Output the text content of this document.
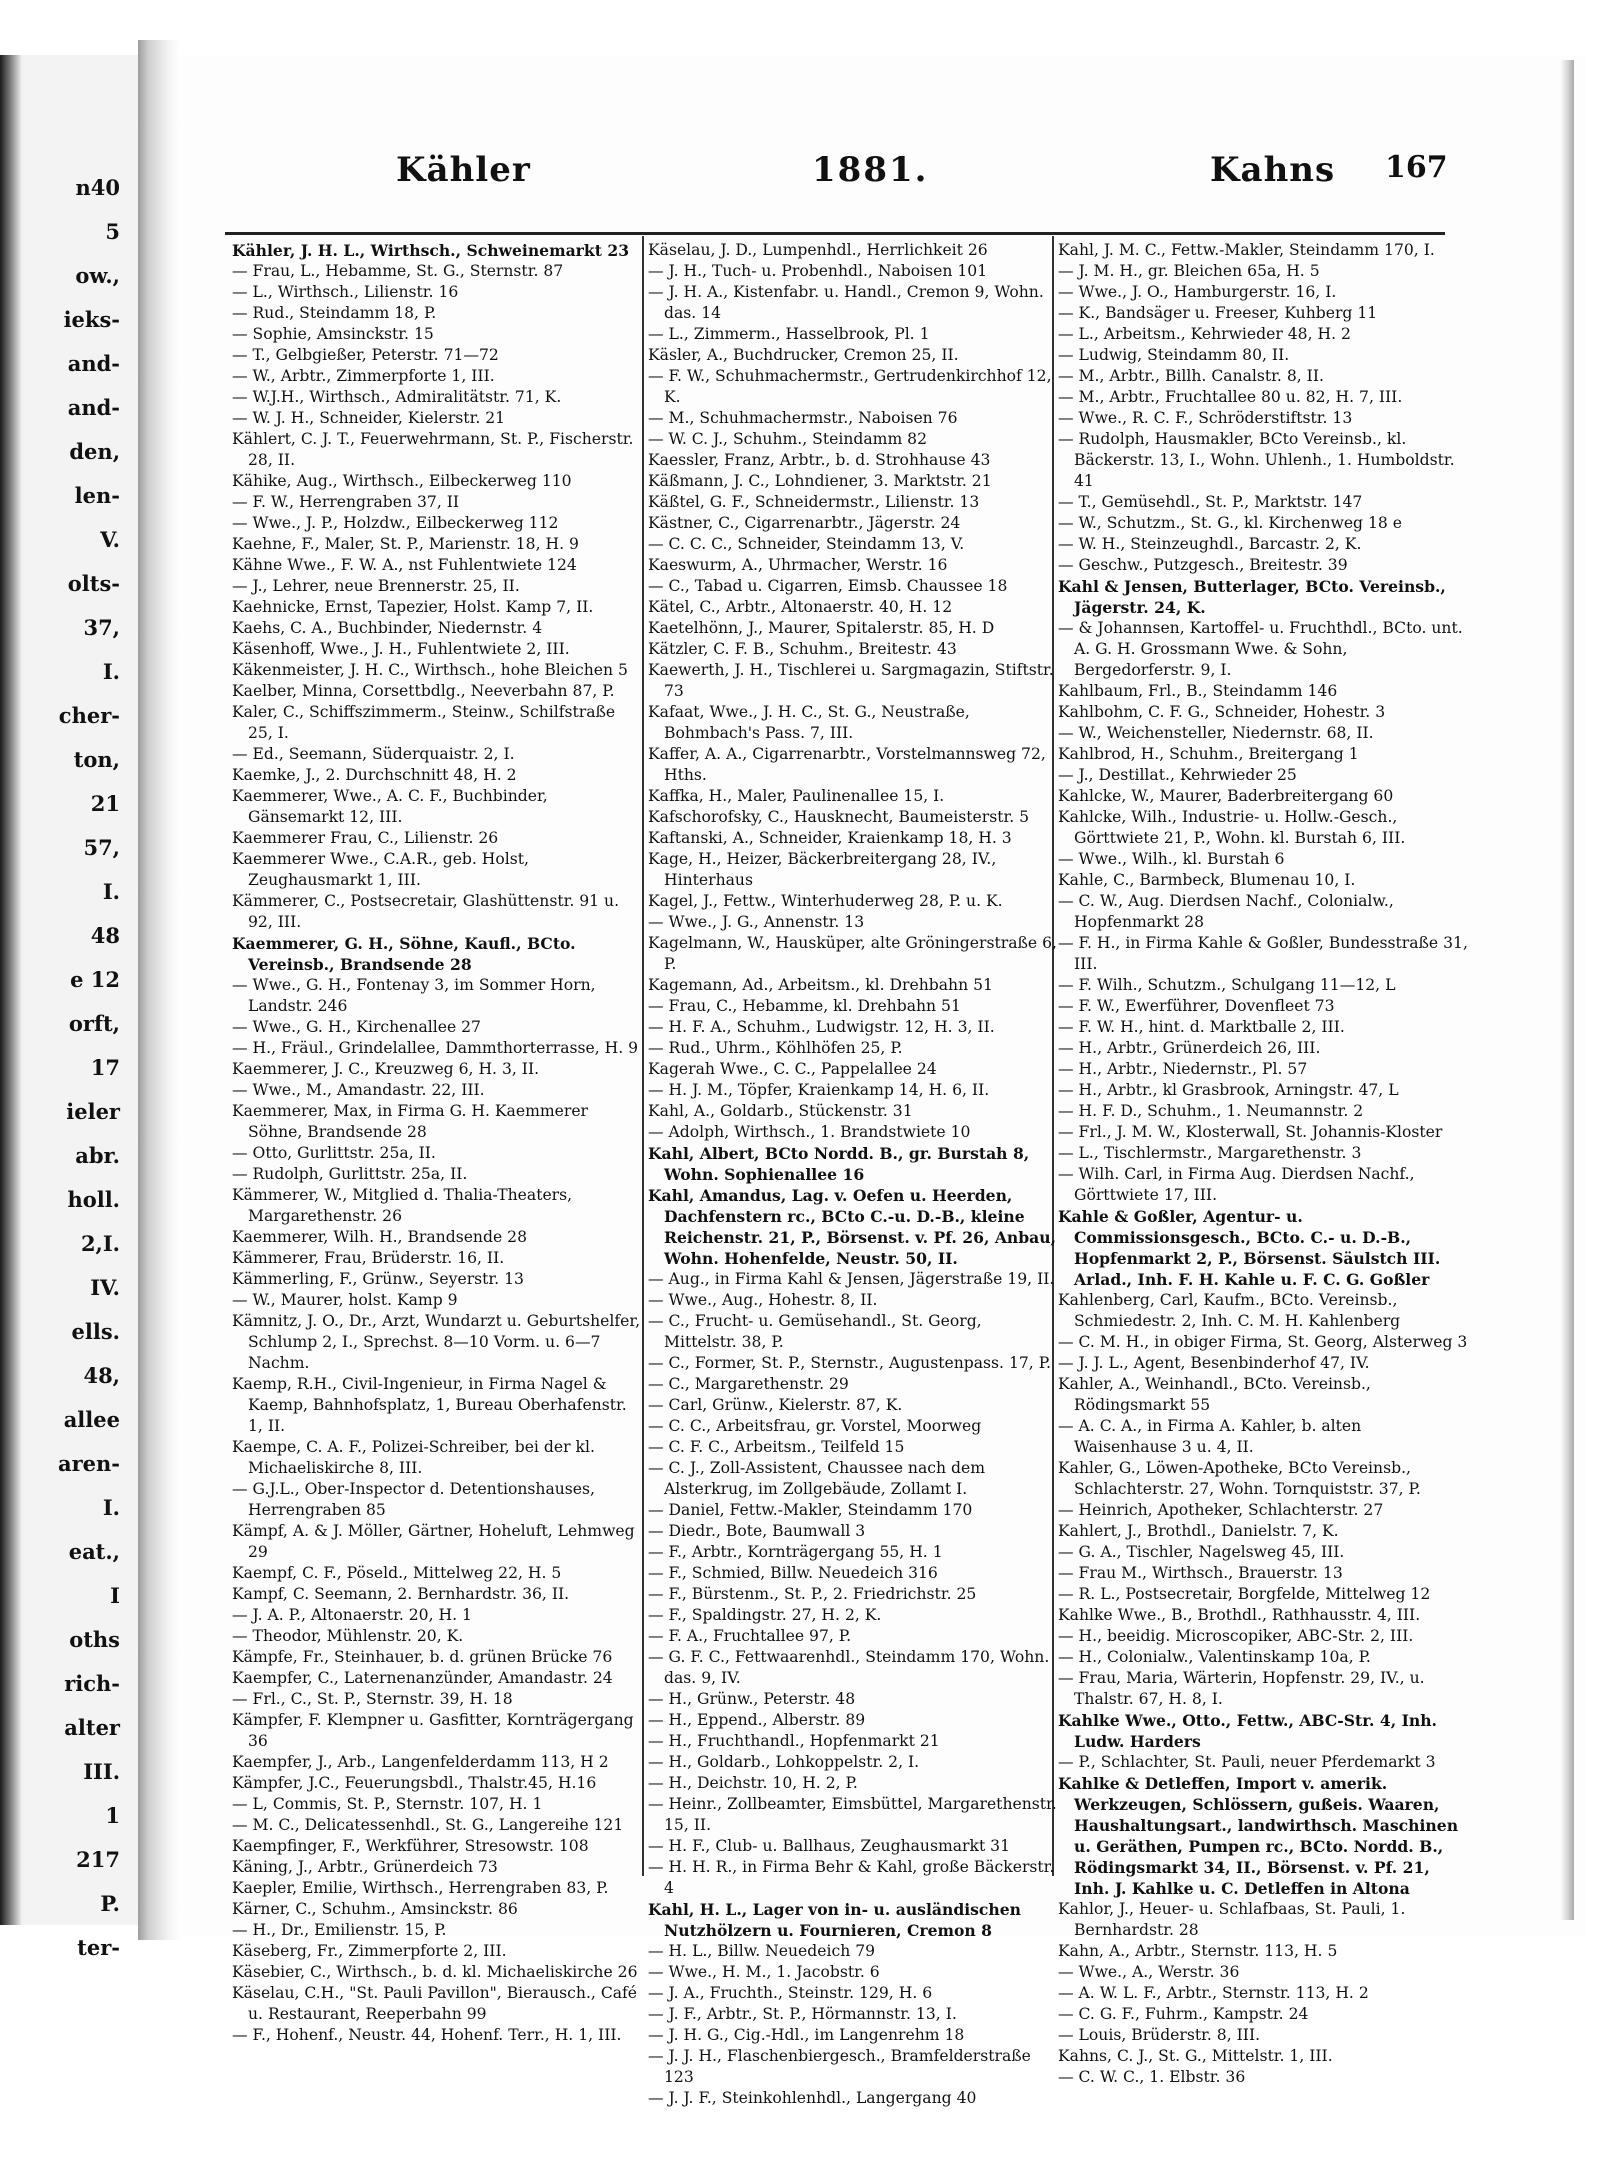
n40
5
ow.,
ieks-
and-
and-
den,
len-
V.
olts-
37,
I.
cher-
ton,
21
57,
I.
48
e 12
orft,
17
ieler
abr.
holl.
2,I.
IV.
ells.
48,
allee
aren-
I.
eat.,
I
oths
rich-
alter
III.
1
217
P.
ter-
Kähler	1881.	Kahns 167
Kähler, J. H. L., Wirthsch., Schweinemarkt 23
— Frau, L., Hebamme, St. G., Sternstr. 87
— L., Wirthsch., Lilienstr. 16
— Rud., Steindamm 18, P.
— Sophie, Amsinckstr. 15
— T., Gelbgießer, Peterstr. 71—72
— W., Arbtr., Zimmerpforte 1, III.
— W.J.H., Wirthsch., Admiralitätstr. 71, K.
— W. J. H., Schneider, Kielerstr. 21
Kählert, C. J. T., Feuerwehrmann, St. P., Fischerstr. 28, II.
Kähike, Aug., Wirthsch., Eilbeckerweg 110
— F. W., Herrengraben 37, II
— Wwe., J. P., Holzdw., Eilbeckerweg 112
Kaehne, F., Maler, St. P., Marienstr. 18, H. 9
Kähne Wwe., F. W. A., nst Fuhlentwiete 124
— J., Lehrer, neue Brennerstr. 25, II.
Kaehnicke, Ernst, Tapezier, Holst. Kamp 7, II.
Kaehs, C. A., Buchbinder, Niedernstr. 4
Käsenhoff, Wwe., J. H., Fuhlentwiete 2, III.
Käkenmeister, J. H. C., Wirthsch., hohe Bleichen 5
Kaelber, Minna, Corsettbdlg., Neeverbahn 87, P.
Kaler, C., Schiffszimmerm., Steinw., Schilfstraße 25, I.
— Ed., Seemann, Süderquaistr. 2, I.
Kaemke, J., 2. Durchschnitt 48, H. 2
Kaemmerer, Wwe., A. C. F., Buchbinder, Gänsemarkt 12, III.
Kaemmerer Frau, C., Lilienstr. 26
Kaemmerer Wwe., C.A.R., geb. Holst, Zeughausmarkt 1, III.
Kämmerer, C., Postsecretair, Glashüttenstr. 91 u. 92, III.
Kaemmerer, G. H., Söhne, Kaufl., BCto. Vereinsb., Brandsende 28
— Wwe., G. H., Fontenay 3, im Sommer Horn, Landstr. 246
— Wwe., G. H., Kirchenallee 27
— H., Fräul., Grindelallee, Dammthorterrasse, H. 9
Kaemmerer, J. C., Kreuzweg 6, H. 3, II.
— Wwe., M., Amandastr. 22, III.
Kaemmerer, Max, in Firma G. H. Kaemmerer Söhne, Brandsende 28
— Otto, Gurlittstr. 25a, II.
— Rudolph, Gurlittstr. 25a, II.
Kämmerer, W., Mitglied d. Thalia-Theaters, Margarethenstr. 26
Kaemmerer, Wilh. H., Brandsende 28
Kämmerer, Frau, Brüderstr. 16, II.
Kämmerling, F., Grünw., Seyerstr. 13
— W., Maurer, holst. Kamp 9
Kämnitz, J. O., Dr., Arzt, Wundarzt u. Geburtshelfer, Schlump 2, I., Sprechst. 8—10 Vorm. u. 6—7 Nachm.
Kaemp, R.H., Civil-Ingenieur, in Firma Nagel & Kaemp, Bahnhofsplatz, 1, Bureau Oberhafenstr. 1, II.
Kaempe, C. A. F., Polizei-Schreiber, bei der kl. Michaeliskirche 8, III.
— G.J.L., Ober-Inspector d. Detentionshauses, Herrengraben 85
Kämpf, A. & J. Möller, Gärtner, Hoheluft, Lehmweg 29
Kaempf, C. F., Pöseld., Mittelweg 22, H. 5
Kampf, C. Seemann, 2. Bernhardstr. 36, II.
— J. A. P., Altonaerstr. 20, H. 1
— Theodor, Mühlenstr. 20, K.
Kämpfe, Fr., Steinhauer, b. d. grünen Brücke 76
Kaempfer, C., Laternenanzünder, Amandastr. 24
— Frl., C., St. P., Sternstr. 39, H. 18
Kämpfer, F. Klempner u. Gasfitter, Kornträgergang 36
Kaempfer, J., Arb., Langenfelderdamm 113, H 2
Kämpfer, J.C., Feuerungsbdl., Thalstr.45, H.16
— L, Commis, St. P., Sternstr. 107, H. 1
— M. C., Delicatessenhdl., St. G., Langereihe 121
Kaempfinger, F., Werkführer, Stresowstr. 108
Käning, J., Arbtr., Grünerdeich 73
Kaepler, Emilie, Wirthsch., Herrengraben 83, P.
Kärner, C., Schuhm., Amsinckstr. 86
— H., Dr., Emilienstr. 15, P.
Käseberg, Fr., Zimmerpforte 2, III.
Käsebier, C., Wirthsch., b. d. kl. Michaeliskirche 26
Käselau, C.H., "St. Pauli Pavillon", Bierausch., Café u. Restaurant, Reeperbahn 99
— F., Hohenf., Neustr. 44, Hohenf. Terr., H. 1, III.
Käselau, J. D., Lumpenhdl., Herrlichkeit 26
— J. H., Tuch- u. Probenhdl., Naboisen 101
— J. H. A., Kistenfabr. u. Handl., Cremon 9, Wohn. das. 14
— L., Zimmerm., Hasselbrook, Pl. 1
Käsler, A., Buchdrucker, Cremon 25, II.
— F. W., Schuhmachermstr., Gertrudenkirchhof 12, K.
— M., Schuhmachermstr., Naboisen 76
— W. C. J., Schuhm., Steindamm 82
Kaessler, Franz, Arbtr., b. d. Strohhause 43
Käßmann, J. C., Lohndiener, 3. Marktstr. 21
Käßtel, G. F., Schneidermstr., Lilienstr. 13
Kästner, C., Cigarrenarbtr., Jägerstr. 24
— C. C. C., Schneider, Steindamm 13, V.
Kaeswurm, A., Uhrmacher, Werstr. 16
— C., Tabad u. Cigarren, Eimsb. Chaussee 18
Kätel, C., Arbtr., Altonaerstr. 40, H. 12
Kaetelhönn, J., Maurer, Spitalerstr. 85, H. D
Kätzler, C. F. B., Schuhm., Breitestr. 43
Kaewerth, J. H., Tischlerei u. Sargmagazin, Stiftstr. 73
Kafaat, Wwe., J. H. C., St. G., Neustraße, Bohmbach's Pass. 7, III.
Kaffer, A. A., Cigarrenarbtr., Vorstelmannsweg 72, Hths.
Kaffka, H., Maler, Paulinenallee 15, I.
Kafschorofsky, C., Hausknecht, Baumeisterstr. 5
Kaftanski, A., Schneider, Kraienkamp 18, H. 3
Kage, H., Heizer, Bäckerbreitergang 28, IV., Hinterhaus
Kagel, J., Fettw., Winterhuderweg 28, P. u. K.
— Wwe., J. G., Annenstr. 13
Kagelmann, W., Hausküper, alte Gröningerstraße 6, P.
Kagemann, Ad., Arbeitsm., kl. Drehbahn 51
— Frau, C., Hebamme, kl. Drehbahn 51
— H. F. A., Schuhm., Ludwigstr. 12, H. 3, II.
— Rud., Uhrm., Köhlhöfen 25, P.
Kagerah Wwe., C. C., Pappelallee 24
— H. J. M., Töpfer, Kraienkamp 14, H. 6, II.
Kahl, A., Goldarb., Stückenstr. 31
— Adolph, Wirthsch., 1. Brandstwiete 10
Kahl, Albert, BCto Nordd. B., gr. Burstah 8, Wohn. Sophienallee 16
Kahl, Amandus, Lag. v. Oefen u. Heerden, Dachfenstern rc., BCto C.-u. D.-B., kleine Reichenstr. 21, P., Börsenst. v. Pf. 26, Anbau, Wohn. Hohenfelde, Neustr. 50, II.
— Aug., in Firma Kahl & Jensen, Jägerstraße 19, II.
— Wwe., Aug., Hohestr. 8, II.
— C., Frucht- u. Gemüsehandl., St. Georg, Mittelstr. 38, P.
— C., Former, St. P., Sternstr., Augustenpass. 17, P.
— C., Margarethenstr. 29
— Carl, Grünw., Kielerstr. 87, K.
— C. C., Arbeitsfrau, gr. Vorstel, Moorweg
— C. F. C., Arbeitsm., Teilfeld 15
— C. J., Zoll-Assistent, Chaussee nach dem Alsterkrug, im Zollgebäude, Zollamt I.
— Daniel, Fettw.-Makler, Steindamm 170
— Diedr., Bote, Baumwall 3
— F., Arbtr., Kornträgergang 55, H. 1
— F., Schmied, Billw. Neuedeich 316
— F., Bürstenm., St. P., 2. Friedrichstr. 25
— F., Spaldingstr. 27, H. 2, K.
— F. A., Fruchtallee 97, P.
— G. F. C., Fettwaarenhdl., Steindamm 170, Wohn. das. 9, IV.
— H., Grünw., Peterstr. 48
— H., Eppend., Alberstr. 89
— H., Fruchthandl., Hopfenmarkt 21
— H., Goldarb., Lohkoppelstr. 2, I.
— H., Deichstr. 10, H. 2, P.
— Heinr., Zollbeamter, Eimsbüttel, Margarethenstr. 15, II.
— H. F., Club- u. Ballhaus, Zeughausmarkt 31
— H. H. R., in Firma Behr & Kahl, große Bäckerstr. 4
Kahl, H. L., Lager von in- u. ausländischen Nutzhölzern u. Fournieren, Cremon 8
— H. L., Billw. Neuedeich 79
— Wwe., H. M., 1. Jacobstr. 6
— J. A., Fruchth., Steinstr. 129, H. 6
— J. F., Arbtr., St. P., Hörmannstr. 13, I.
— J. H. G., Cig.-Hdl., im Langenrehm 18
— J. J. H., Flaschenbiergesch., Bramfelderstraße 123
— J. J. F., Steinkohlenhdl., Langergang 40
Kahl, J. M. C., Fettw.-Makler, Steindamm 170, I.
— J. M. H., gr. Bleichen 65a, H. 5
— Wwe., J. O., Hamburgerstr. 16, I.
— K., Bandsäger u. Freeser, Kuhberg 11
— L., Arbeitsm., Kehrwieder 48, H. 2
— Ludwig, Steindamm 80, II.
— M., Arbtr., Billh. Canalstr. 8, II.
— M., Arbtr., Fruchtallee 80 u. 82, H. 7, III.
— Wwe., R. C. F., Schröderstiftstr. 13
— Rudolph, Hausmakler, BCto Vereinsb., kl. Bäckerstr. 13, I., Wohn. Uhlenh., 1. Humboldstr. 41
— T., Gemüsehdl., St. P., Marktstr. 147
— W., Schutzm., St. G., kl. Kirchenweg 18 e
— W. H., Steinzeughdl., Barcastr. 2, K.
— Geschw., Putzgesch., Breitestr. 39
Kahl & Jensen, Butterlager, BCto. Vereinsb., Jägerstr. 24, K.
— & Johannsen, Kartoffel- u. Fruchthdl., BCto. unt. A. G. H. Grossmann Wwe. & Sohn, Bergedorferstr. 9, I.
Kahlbaum, Frl., B., Steindamm 146
Kahlbohm, C. F. G., Schneider, Hohestr. 3
— W., Weichensteller, Niedernstr. 68, II.
Kahlbrod, H., Schuhm., Breitergang 1
— J., Destillat., Kehrwieder 25
Kahlcke, W., Maurer, Baderbreitergang 60
Kahlcke, Wilh., Industrie- u. Hollw.-Gesch., Görttwiete 21, P., Wohn. kl. Burstah 6, III.
— Wwe., Wilh., kl. Burstah 6
Kahle, C., Barmbeck, Blumenau 10, I.
— C. W., Aug. Dierdsen Nachf., Colonialw., Hopfenmarkt 28
— F. H., in Firma Kahle & Goßler, Bundesstraße 31, III.
— F. Wilh., Schutzm., Schulgang 11—12, L
— F. W., Ewerführer, Dovenfleet 73
— F. W. H., hint. d. Marktballe 2, III.
— H., Arbtr., Grünerdeich 26, III.
— H., Arbtr., Niedernstr., Pl. 57
— H., Arbtr., kl Grasbrook, Arningstr. 47, L
— H. F. D., Schuhm., 1. Neumannstr. 2
— Frl., J. M. W., Klosterwall, St. Johannis-Kloster
— L., Tischlermstr., Margarethenstr. 3
— Wilh. Carl, in Firma Aug. Dierdsen Nachf., Görttwiete 17, III.
Kahle & Goßler, Agentur- u. Commissionsgesch., BCto. C.- u. D.-B., Hopfenmarkt 2, P., Börsenst. Säulstch III. Arlad., Inh. F. H. Kahle u. F. C. G. Goßler
Kahlenberg, Carl, Kaufm., BCto. Vereinsb., Schmiedestr. 2, Inh. C. M. H. Kahlenberg
— C. M. H., in obiger Firma, St. Georg, Alsterweg 3
— J. J. L., Agent, Besenbinderhof 47, IV.
Kahler, A., Weinhandl., BCto. Vereinsb., Rödingsmarkt 55
— A. C. A., in Firma A. Kahler, b. alten Waisenhause 3 u. 4, II.
Kahler, G., Löwen-Apotheke, BCto Vereinsb., Schlachterstr. 27, Wohn. Tornquiststr. 37, P.
— Heinrich, Apotheker, Schlachterstr. 27
Kahlert, J., Brothdl., Danielstr. 7, K.
— G. A., Tischler, Nagelsweg 45, III.
— Frau M., Wirthsch., Brauerstr. 13
— R. L., Postsecretair, Borgfelde, Mittelweg 12
Kahlke Wwe., B., Brothdl., Rathhausstr. 4, III.
— H., beeidig. Microscopiker, ABC-Str. 2, III.
— H., Colonialw., Valentinskamp 10a, P.
— Frau, Maria, Wärterin, Hopfenstr. 29, IV., u. Thalstr. 67, H. 8, I.
Kahlke Wwe., Otto., Fettw., ABC-Str. 4, Inh. Ludw. Harders
— P., Schlachter, St. Pauli, neuer Pferdemarkt 3
Kahlke & Detleffen, Import v. amerik. Werkzeugen, Schlössern, gußeis. Waaren, Haushaltungsart., landwirthsch. Maschinen u. Geräthen, Pumpen rc., BCto. Nordd. B., Rödingsmarkt 34, II., Börsenst. v. Pf. 21, Inh. J. Kahlke u. C. Detleffen in Altona
Kahlor, J., Heuer- u. Schlafbaas, St. Pauli, 1. Bernhardstr. 28
Kahn, A., Arbtr., Sternstr. 113, H. 5
— Wwe., A., Werstr. 36
— A. W. L. F., Arbtr., Sternstr. 113, H. 2
— C. G. F., Fuhrm., Kampstr. 24
— Louis, Brüderstr. 8, III.
Kahns, C. J., St. G., Mittelstr. 1, III.
— C. W. C., 1. Elbstr. 36
